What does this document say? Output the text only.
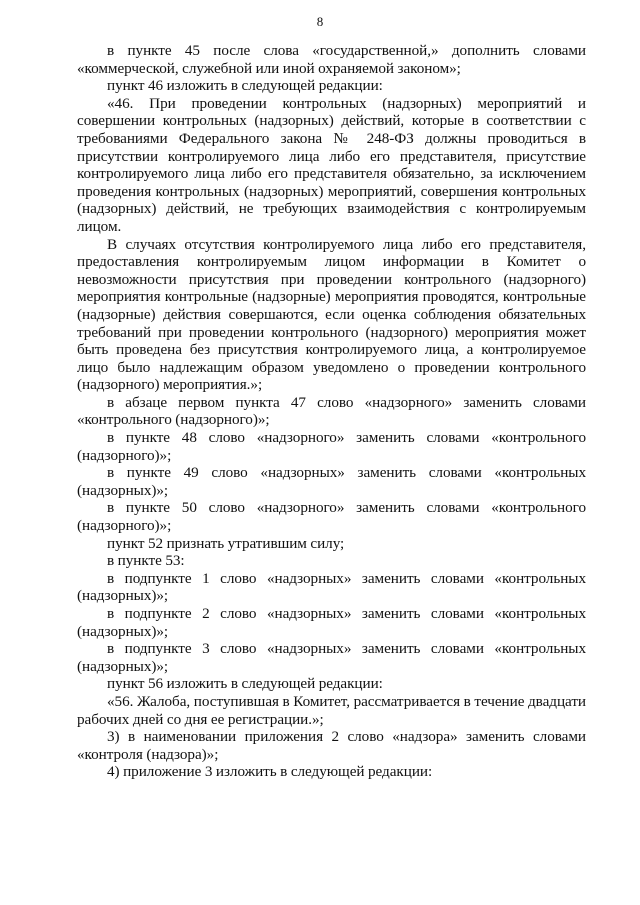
8

в пункте 45 после слова «государственной,» дополнить словами «коммерческой, служебной или иной охраняемой законом»;

пункт 46 изложить в следующей редакции:

«46. При проведении контрольных (надзорных) мероприятий и совершении контрольных (надзорных) действий, которые в соответствии с требованиями Федерального закона № 248-ФЗ должны проводиться в присутствии контролируемого лица либо его представителя, присутствие контролируемого лица либо его представителя обязательно, за исключением проведения контрольных (надзорных) мероприятий, совершения контрольных (надзорных) действий, не требующих взаимодействия с контролируемым лицом.

В случаях отсутствия контролируемого лица либо его представителя, предоставления контролируемым лицом информации в Комитет о невозможности присутствия при проведении контрольного (надзорного) мероприятия контрольные (надзорные) мероприятия проводятся, контрольные (надзорные) действия совершаются, если оценка соблюдения обязательных требований при проведении контрольного (надзорного) мероприятия может быть проведена без присутствия контролируемого лица, а контролируемое лицо было надлежащим образом уведомлено о проведении контрольного (надзорного) мероприятия.»;

в абзаце первом пункта 47 слово «надзорного» заменить словами «контрольного (надзорного)»;

в пункте 48 слово «надзорного» заменить словами «контрольного (надзорного)»;

в пункте 49 слово «надзорных» заменить словами «контрольных (надзорных)»;

в пункте 50 слово «надзорного» заменить словами «контрольного (надзорного)»;

пункт 52 признать утратившим силу;

в пункте 53:

в подпункте 1 слово «надзорных» заменить словами «контрольных (надзорных)»;

в подпункте 2 слово «надзорных» заменить словами «контрольных (надзорных)»;

в подпункте 3 слово «надзорных» заменить словами «контрольных (надзорных)»;

пункт 56 изложить в следующей редакции:

«56. Жалоба, поступившая в Комитет, рассматривается в течение двадцати рабочих дней со дня ее регистрации.»;

3) в наименовании приложения 2 слово «надзора» заменить словами «контроля (надзора)»;

4) приложение 3 изложить в следующей редакции:
